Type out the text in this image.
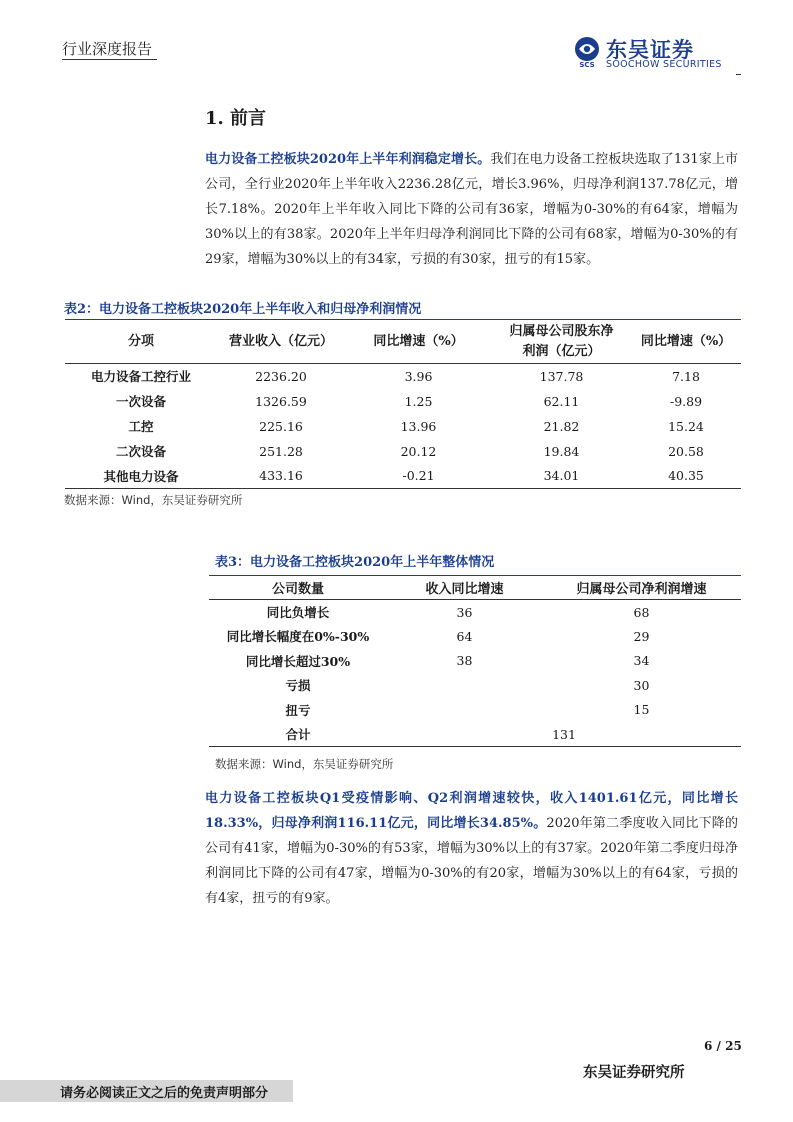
行业深度报告
SCS
东吴证券
SOOCHOW SECURITIES
1. 前言
电力设备工控板块2020年上半年利润稳定增长。我们在电力设备工控板块选取了131家上市公司，全行业2020年上半年收入2236.28亿元，增长3.96%，归母净利润137.78亿元，增长7.18%。2020年上半年收入同比下降的公司有36家，增幅为0-30%的有64家，增幅为30%以上的有38家。2020年上半年归母净利润同比下降的公司有68家，增幅为0-30%的有29家，增幅为30%以上的有34家，亏损的有30家，扭亏的有15家。
表2：电力设备工控板块2020年上半年收入和归母净利润情况
分项	营业收入（亿元）	同比增速（%）	归属母公司股东净利润（亿元）	同比增速（%）
电力设备工控行业	2236.20	3.96	137.78	7.18
一次设备	1326.59	1.25	62.11	-9.89
工控	225.16	13.96	21.82	15.24
二次设备	251.28	20.12	19.84	20.58
其他电力设备	433.16	-0.21	34.01	40.35
数据来源：Wind，东吴证券研究所
表3：电力设备工控板块2020年上半年整体情况
公司数量	收入同比增速	归属母公司净利润增速
同比负增长	36	68
同比增长幅度在0%-30%	64	29
同比增长超过30%	38	34
亏损		30
扭亏		15
合计	131	
数据来源：Wind，东吴证券研究所
电力设备工控板块Q1受疫情影响、Q2利润增速较快，收入1401.61亿元，同比增长18.33%，归母净利润116.11亿元，同比增长34.85%。2020年第二季度收入同比下降的公司有41家，增幅为0-30%的有53家，增幅为30%以上的有37家。2020年第二季度归母净利润同比下降的公司有47家，增幅为0-30%的有20家，增幅为30%以上的有64家，亏损的有4家，扭亏的有9家。
6 / 25
东吴证券研究所
请务必阅读正文之后的免责声明部分
